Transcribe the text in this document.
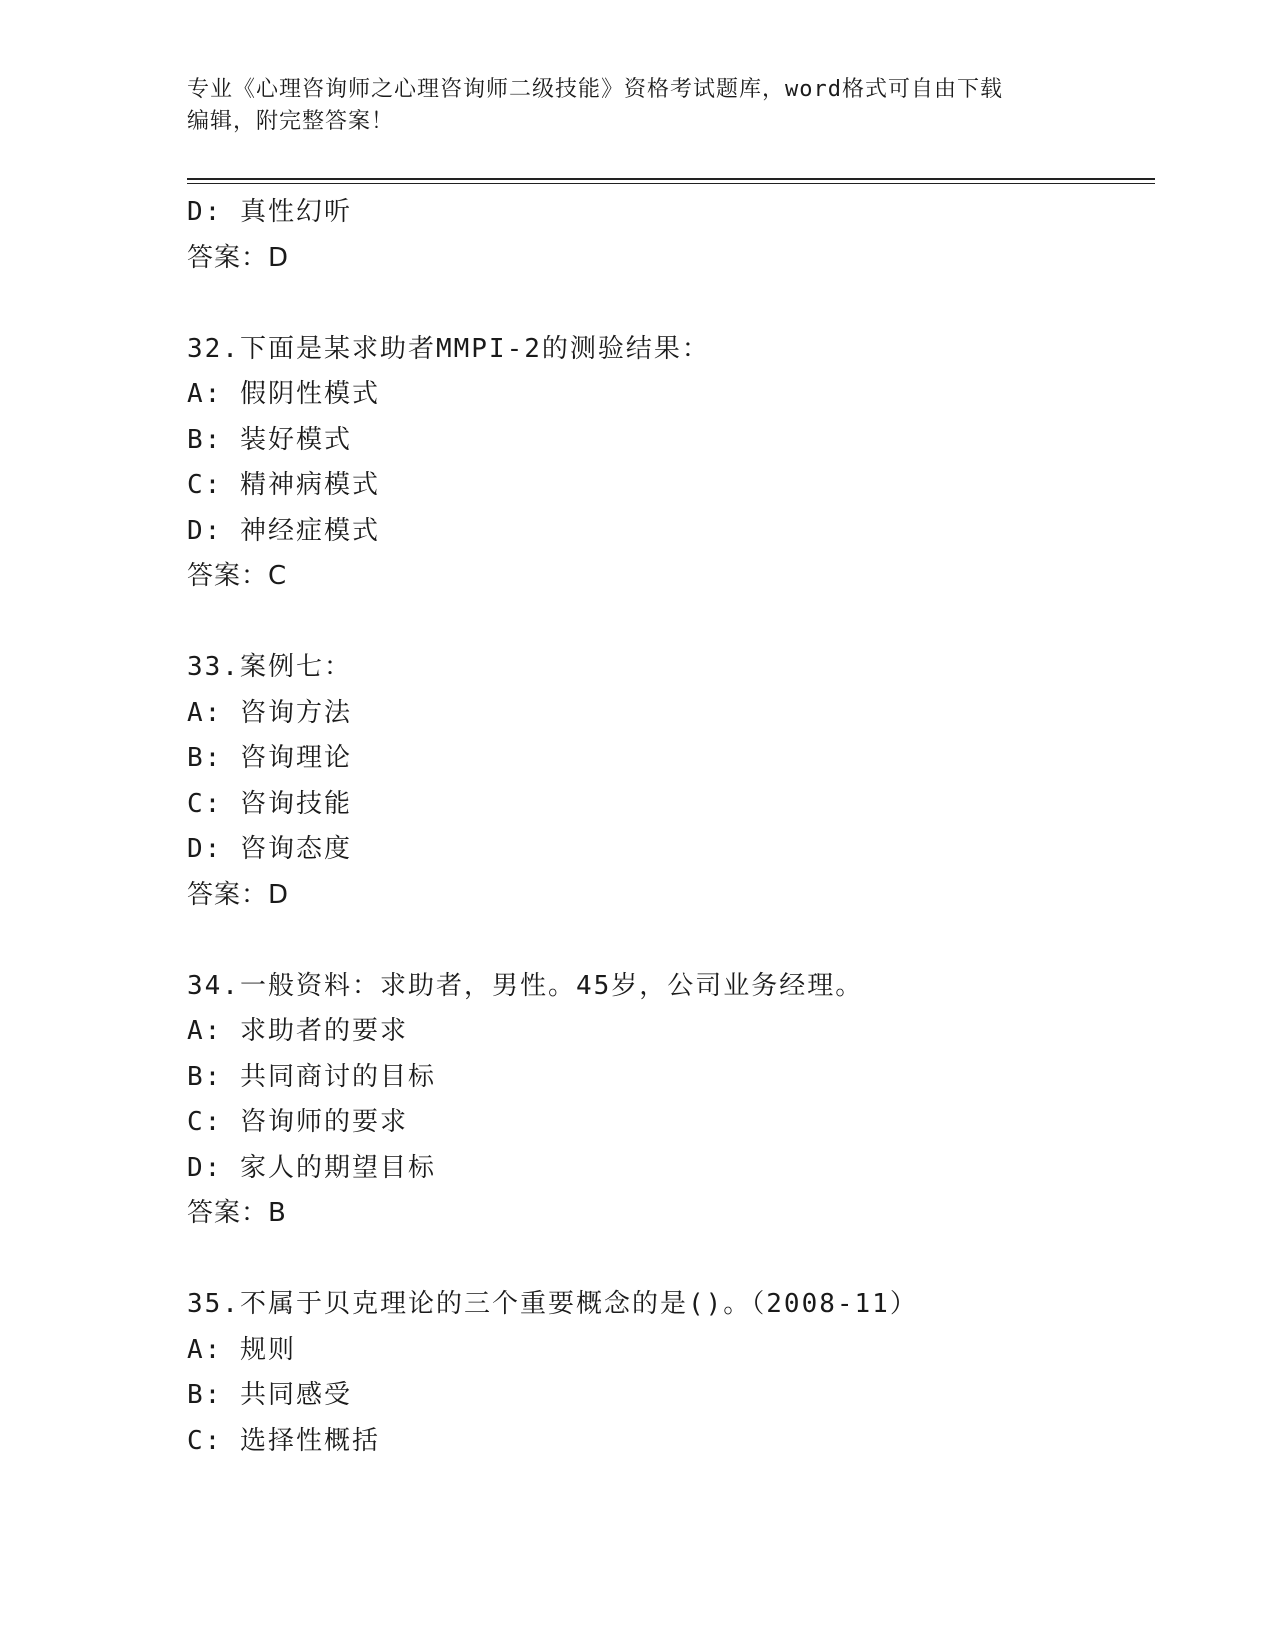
专业《心理咨询师之心理咨询师二级技能》资格考试题库，word格式可自由下载
编辑，附完整答案！
D: 真性幻听
答案：D
32.下面是某求助者MMPI-2的测验结果：
A: 假阴性模式
B: 装好模式
C: 精神病模式
D: 神经症模式
答案：C
33.案例七：
A: 咨询方法
B: 咨询理论
C: 咨询技能
D: 咨询态度
答案：D
34.一般资料：求助者，男性。45岁，公司业务经理。
A: 求助者的要求
B: 共同商讨的目标
C: 咨询师的要求
D: 家人的期望目标
答案：B
35.不属于贝克理论的三个重要概念的是()。（2008-11）
A: 规则
B: 共同感受
C: 选择性概括
